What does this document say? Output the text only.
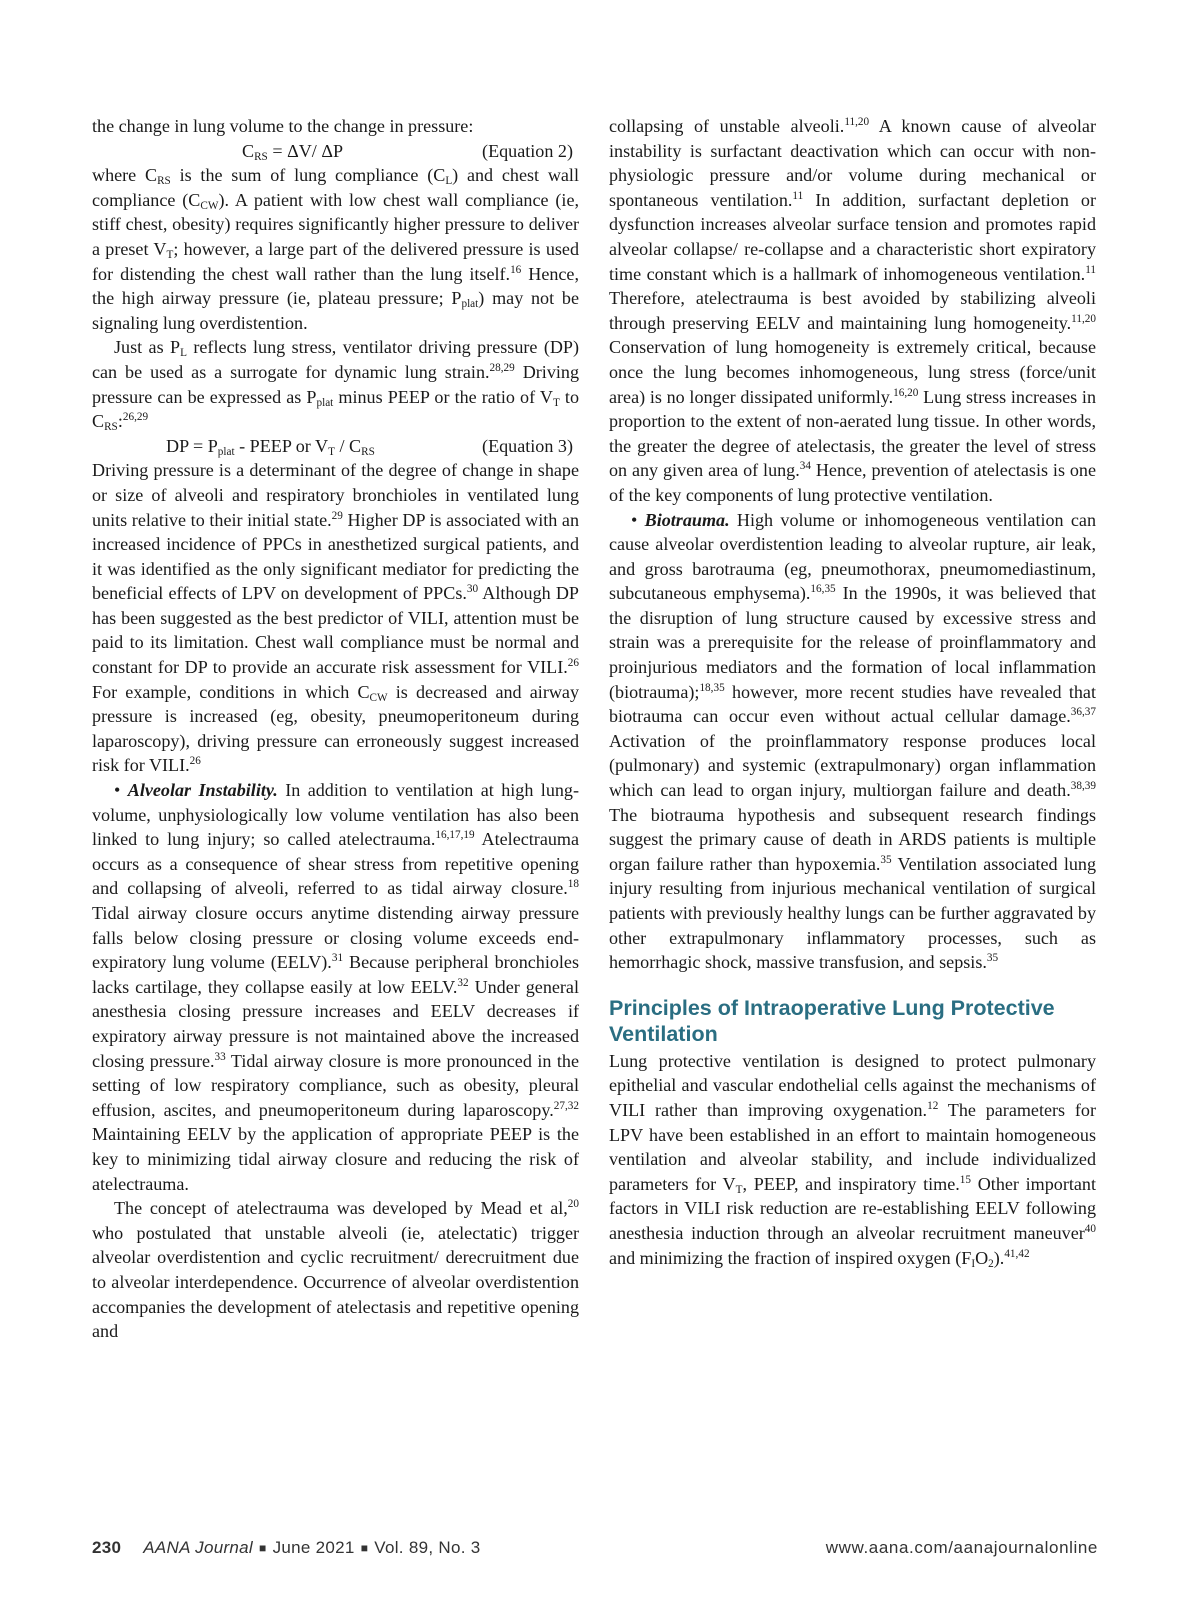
the change in lung volume to the change in pressure:

$C_{RS} = \Delta V/$ ΔP	(Equation 2)

where $C_{RS}$ is the sum of lung compliance $(C_L)$ and chest wall compliance $(C_{CW})$. A patient with low chest wall compliance (ie, stiff chest, obesity) requires significantly higher pressure to deliver a preset $V_T$; however, a large part of the delivered pressure is used for distending the chest wall rather than the lung itself.$^{16}$ Hence, the high airway pressure (ie, plateau pressure; $P_{plat}$) may not be signaling lung overdistention.

Just as $P_L$ reflects lung stress, ventilator driving pressure (DP) can be used as a surrogate for dynamic lung strain.$^{28,29}$ Driving pressure can be expressed as $P_{plat}$ minus PEEP or the ratio of $V_T$ to $C_{RS}:^{26,29}$

DP = $P_{plat}$ - PEEP or $V_T / C_{RS}$	(Equation 3)

Driving pressure is a determinant of the degree of change in shape or size of alveoli and respiratory bronchioles in ventilated lung units relative to their initial state.$^{29}$ Higher DP is associated with an increased incidence of PPCs in anesthetized surgical patients, and it was identified as the only significant mediator for predicting the beneficial effects of LPV on development of PPCs.$^{30}$ Although DP has been suggested as the best predictor of VILI, attention must be paid to its limitation. Chest wall compliance must be normal and constant for DP to provide an accurate risk assessment for VILI.$^{26}$ For example, conditions in which $C_{CW}$ is decreased and airway pressure is increased (eg, obesity, pneumoperitoneum during laparoscopy), driving pressure can erroneously suggest increased risk for VILI.$^{26}$

• Alveolar Instability. In addition to ventilation at high lung-volume, unphysiologically low volume ventilation has also been linked to lung injury; so called atelectrauma.$^{16,17,19}$ Atelectrauma occurs as a consequence of shear stress from repetitive opening and collapsing of alveoli, referred to as tidal airway closure.$^{18}$ Tidal airway closure occurs anytime distending airway pressure falls below closing pressure or closing volume exceeds end-expiratory lung volume (EELV).$^{31}$ Because peripheral bronchioles lacks cartilage, they collapse easily at low EELV.$^{32}$ Under general anesthesia closing pressure increases and EELV decreases if expiratory airway pressure is not maintained above the increased closing pressure.$^{33}$ Tidal airway closure is more pronounced in the setting of low respiratory compliance, such as obesity, pleural effusion, ascites, and pneumoperitoneum during laparoscopy.$^{27,32}$ Maintaining EELV by the application of appropriate PEEP is the key to minimizing tidal airway closure and reducing the risk of atelectrauma.

The concept of atelectrauma was developed by Mead et al,$^{20}$ who postulated that unstable alveoli (ie, atelectatic) trigger alveolar overdistention and cyclic recruitment/ derecruitment due to alveolar interdependence. Occurrence of alveolar overdistention accompanies the development of atelectasis and repetitive opening and

collapsing of unstable alveoli.$^{11,20}$ A known cause of alveolar instability is surfactant deactivation which can occur with non-physiologic pressure and/or volume during mechanical or spontaneous ventilation.$^{11}$ In addition, surfactant depletion or dysfunction increases alveolar surface tension and promotes rapid alveolar collapse/ re-collapse and a characteristic short expiratory time constant which is a hallmark of inhomogeneous ventilation.$^{11}$ Therefore, atelectrauma is best avoided by stabilizing alveoli through preserving EELV and maintaining lung homogeneity.$^{11,20}$ Conservation of lung homogeneity is extremely critical, because once the lung becomes inhomogeneous, lung stress (force/unit area) is no longer dissipated uniformly.$^{16,20}$ Lung stress increases in proportion to the extent of non-aerated lung tissue. In other words, the greater the degree of atelectasis, the greater the level of stress on any given area of lung.$^{34}$ Hence, prevention of atelectasis is one of the key components of lung protective ventilation.

• Biotrauma. High volume or inhomogeneous ventilation can cause alveolar overdistention leading to alveolar rupture, air leak, and gross barotrauma (eg, pneumothorax, pneumomediastinum, subcutaneous emphysema).$^{16,35}$ In the 1990s, it was believed that the disruption of lung structure caused by excessive stress and strain was a prerequisite for the release of proinflammatory and proinjurious mediators and the formation of local inflammation (biotrauma);$^{18,35}$ however, more recent studies have revealed that biotrauma can occur even without actual cellular damage.$^{36,37}$ Activation of the proinflammatory response produces local (pulmonary) and systemic (extrapulmonary) organ inflammation which can lead to organ injury, multiorgan failure and death.$^{38,39}$ The biotrauma hypothesis and subsequent research findings suggest the primary cause of death in ARDS patients is multiple organ failure rather than hypoxemia.$^{35}$ Ventilation associated lung injury resulting from injurious mechanical ventilation of surgical patients with previously healthy lungs can be further aggravated by other extrapulmonary inflammatory processes, such as hemorrhagic shock, massive transfusion, and sepsis.$^{35}$

Principles of Intraoperative Lung Protective Ventilation

Lung protective ventilation is designed to protect pulmonary epithelial and vascular endothelial cells against the mechanisms of VILI rather than improving oxygenation.$^{12}$ The parameters for LPV have been established in an effort to maintain homogeneous ventilation and alveolar stability, and include individualized parameters for $V_T$, PEEP, and inspiratory time.$^{15}$ Other important factors in VILI risk reduction are re-establishing EELV following anesthesia induction through an alveolar recruitment maneuver$^{40}$ and minimizing the fraction of inspired oxygen $(F_IO_2).^{41,42}$

230 AANA Journal ■ June 2021 ■ Vol. 89, No. 3	www.aana.com/aanajournalonline
